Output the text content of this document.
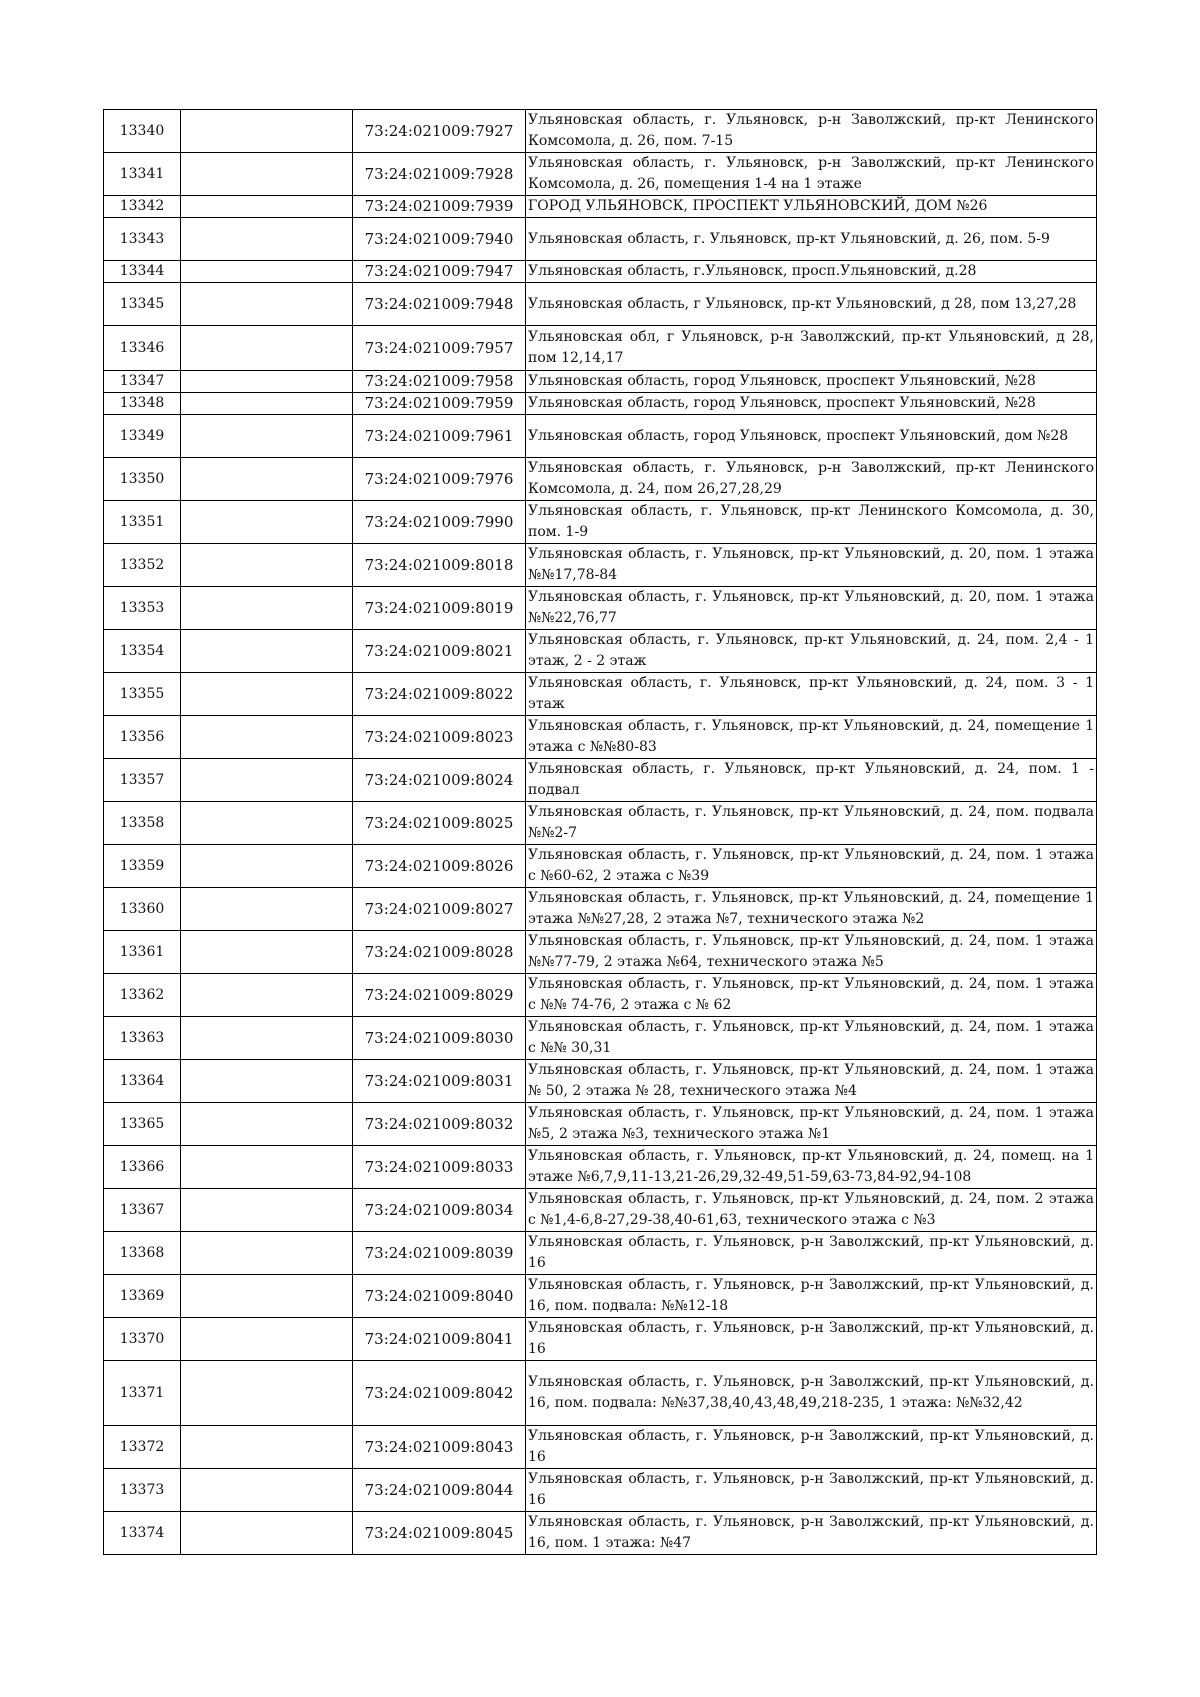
13340		73:24:021009:7927	Ульяновская область, г. Ульяновск, р-н Заволжский, пр-кт Ленинского Комсомола, д. 26, пом. 7-15
13341		73:24:021009:7928	Ульяновская область, г. Ульяновск, р-н Заволжский, пр-кт Ленинского Комсомола, д. 26, помещения 1-4 на 1 этаже
13342		73:24:021009:7939	ГОРОД УЛЬЯНОВСК, ПРОСПЕКТ УЛЬЯНОВСКИЙ, ДОМ №26
13343		73:24:021009:7940	Ульяновская область, г. Ульяновск, пр-кт Ульяновский, д. 26, пом. 5-9
13344		73:24:021009:7947	Ульяновская область, г.Ульяновск, просп.Ульяновский, д.28
13345		73:24:021009:7948	Ульяновская область, г Ульяновск, пр-кт Ульяновский, д 28, пом 13,27,28
13346		73:24:021009:7957	Ульяновская обл, г Ульяновск, р-н Заволжский, пр-кт Ульяновский, д 28, пом 12,14,17
13347		73:24:021009:7958	Ульяновская область, город Ульяновск, проспект Ульяновский, №28
13348		73:24:021009:7959	Ульяновская область, город Ульяновск, проспект Ульяновский, №28
13349		73:24:021009:7961	Ульяновская область, город Ульяновск, проспект Ульяновский, дом №28
13350		73:24:021009:7976	Ульяновская область, г. Ульяновск, р-н Заволжский, пр-кт Ленинского Комсомола, д. 24, пом 26,27,28,29
13351		73:24:021009:7990	Ульяновская область, г. Ульяновск, пр-кт Ленинского Комсомола, д. 30, пом. 1-9
13352		73:24:021009:8018	Ульяновская область, г. Ульяновск, пр-кт Ульяновский, д. 20, пом. 1 этажа №№17,78-84
13353		73:24:021009:8019	Ульяновская область, г. Ульяновск, пр-кт Ульяновский, д. 20, пом. 1 этажа №№22,76,77
13354		73:24:021009:8021	Ульяновская область, г. Ульяновск, пр-кт Ульяновский, д. 24, пом. 2,4 - 1 этаж, 2 - 2 этаж
13355		73:24:021009:8022	Ульяновская область, г. Ульяновск, пр-кт Ульяновский, д. 24, пом. 3 - 1 этаж
13356		73:24:021009:8023	Ульяновская область, г. Ульяновск, пр-кт Ульяновский, д. 24, помещение 1 этажа с №№80-83
13357		73:24:021009:8024	Ульяновская область, г. Ульяновск, пр-кт Ульяновский, д. 24, пом. 1 - подвал
13358		73:24:021009:8025	Ульяновская область, г. Ульяновск, пр-кт Ульяновский, д. 24, пом. подвала №№2-7
13359		73:24:021009:8026	Ульяновская область, г. Ульяновск, пр-кт Ульяновский, д. 24, пом. 1 этажа с №60-62, 2 этажа с №39
13360		73:24:021009:8027	Ульяновская область, г. Ульяновск, пр-кт Ульяновский, д. 24, помещение 1 этажа №№27,28, 2 этажа №7, технического этажа №2
13361		73:24:021009:8028	Ульяновская область, г. Ульяновск, пр-кт Ульяновский, д. 24, пом. 1 этажа №№77-79, 2 этажа №64, технического этажа №5
13362		73:24:021009:8029	Ульяновская область, г. Ульяновск, пр-кт Ульяновский, д. 24, пом. 1 этажа с №№ 74-76, 2 этажа с № 62
13363		73:24:021009:8030	Ульяновская область, г. Ульяновск, пр-кт Ульяновский, д. 24, пом. 1 этажа с №№ 30,31
13364		73:24:021009:8031	Ульяновская область, г. Ульяновск, пр-кт Ульяновский, д. 24, пом. 1 этажа № 50, 2 этажа № 28, технического этажа №4
13365		73:24:021009:8032	Ульяновская область, г. Ульяновск, пр-кт Ульяновский, д. 24, пом. 1 этажа №5, 2 этажа №3, технического этажа №1
13366		73:24:021009:8033	Ульяновская область, г. Ульяновск, пр-кт Ульяновский, д. 24, помещ. на 1 этаже №6,7,9,11-13,21-26,29,32-49,51-59,63-73,84-92,94-108
13367		73:24:021009:8034	Ульяновская область, г. Ульяновск, пр-кт Ульяновский, д. 24, пом. 2 этажа с №1,4-6,8-27,29-38,40-61,63, технического этажа с №3
13368		73:24:021009:8039	Ульяновская область, г. Ульяновск, р-н Заволжский, пр-кт Ульяновский, д. 16
13369		73:24:021009:8040	Ульяновская область, г. Ульяновск, р-н Заволжский, пр-кт Ульяновский, д. 16, пом. подвала: №№12-18
13370		73:24:021009:8041	Ульяновская область, г. Ульяновск, р-н Заволжский, пр-кт Ульяновский, д. 16
13371		73:24:021009:8042	Ульяновская область, г. Ульяновск, р-н Заволжский, пр-кт Ульяновский, д. 16, пом. подвала: №№37,38,40,43,48,49,218-235, 1 этажа: №№32,42
13372		73:24:021009:8043	Ульяновская область, г. Ульяновск, р-н Заволжский, пр-кт Ульяновский, д. 16
13373		73:24:021009:8044	Ульяновская область, г. Ульяновск, р-н Заволжский, пр-кт Ульяновский, д. 16
13374		73:24:021009:8045	Ульяновская область, г. Ульяновск, р-н Заволжский, пр-кт Ульяновский, д. 16, пом. 1 этажа: №47
